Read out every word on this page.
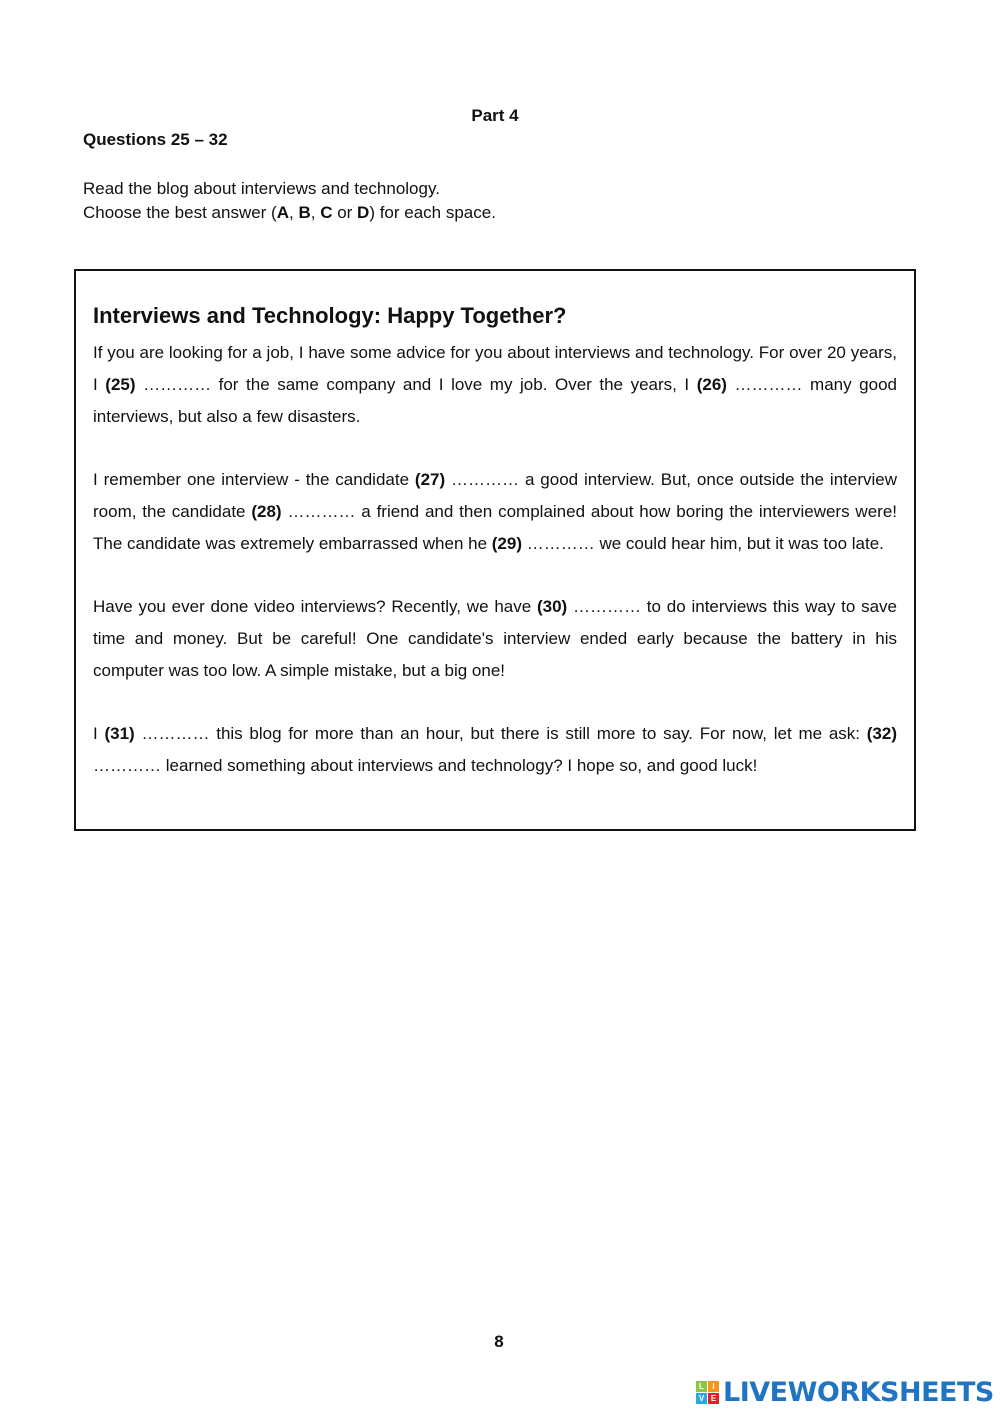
Part 4
Questions 25 – 32

Read the blog about interviews and technology.

Choose the best answer (A, B, C or D) for each space.

Interviews and Technology: Happy Together?

If you are looking for a job, I have some advice for you about interviews and technology. For over 20 years, I (25) ………… for the same company and I love my job. Over the years, I (26) ………… many good interviews, but also a few disasters.

I remember one interview - the candidate (27) ………… a good interview. But, once outside the interview room, the candidate (28) ………… a friend and then complained about how boring the interviewers were! The candidate was extremely embarrassed when he (29) ………… we could hear him, but it was too late.

Have you ever done video interviews? Recently, we have (30) ………… to do interviews this way to save time and money. But be careful! One candidate's interview ended early because the battery in his computer was too low. A simple mistake, but a big one!

I (31) ………… this blog for more than an hour, but there is still more to say. For now, let me ask: (32) ………… learned something about interviews and technology? I hope so, and good luck!

8
L	I
V E LIVEWORKSHEETS
